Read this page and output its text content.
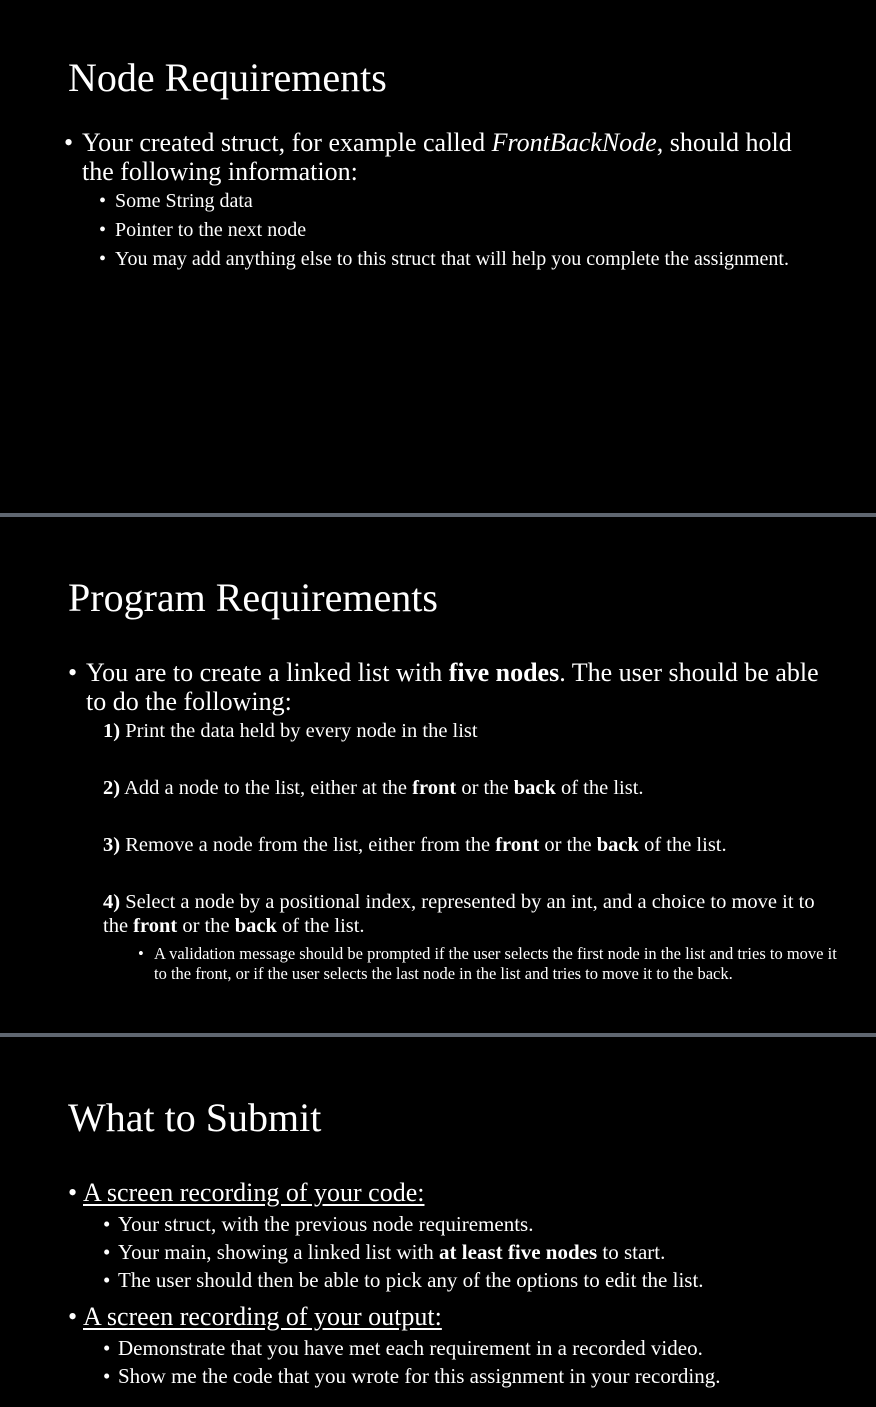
Node Requirements
• Your created struct, for example called FrontBackNode, should hold the following information:
• Some String data
• Pointer to the next node
• You may add anything else to this struct that will help you complete the assignment.
Program Requirements
• You are to create a linked list with five nodes. The user should be able to do the following:
1) Print the data held by every node in the list
2) Add a node to the list, either at the front or the back of the list.
3) Remove a node from the list, either from the front or the back of the list.
4) Select a node by a positional index, represented by an int, and a choice to move it to the front or the back of the list.
• A validation message should be prompted if the user selects the first node in the list and tries to move it to the front, or if the user selects the last node in the list and tries to move it to the back.
What to Submit
• A screen recording of your code:
• Your struct, with the previous node requirements.
• Your main, showing a linked list with at least five nodes to start.
• The user should then be able to pick any of the options to edit the list.
• A screen recording of your output:
• Demonstrate that you have met each requirement in a recorded video.
• Show me the code that you wrote for this assignment in your recording.
